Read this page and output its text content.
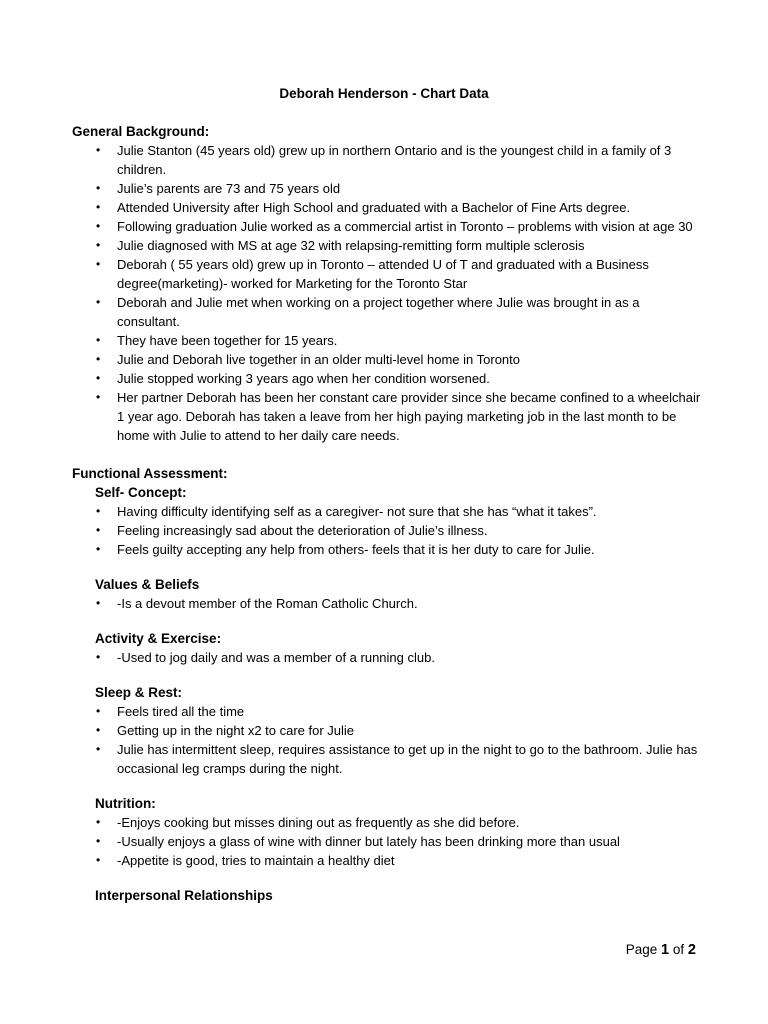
Deborah Henderson - Chart Data
General Background:
• Julie Stanton (45 years old) grew up in northern Ontario and is the youngest child in a family of 3 children.
• Julie’s parents are 73 and 75 years old
• Attended University after High School and graduated with a Bachelor of Fine Arts degree.
• Following graduation Julie worked as a commercial artist in Toronto – problems with vision at age 30
• Julie diagnosed with MS at age 32 with relapsing-remitting form multiple sclerosis
• Deborah ( 55 years old) grew up in Toronto – attended U of T and graduated with a Business degree(marketing)- worked for Marketing for the Toronto Star
• Deborah and Julie met when working on a project together where Julie was brought in as a consultant.
• They have been together for 15 years.
• Julie and Deborah live together in an older multi-level home in Toronto
• Julie stopped working 3 years ago when her condition worsened.
• Her partner Deborah has been her constant care provider since she became confined to a wheelchair 1 year ago. Deborah has taken a leave from her high paying marketing job in the last month to be home with Julie to attend to her daily care needs.
Functional Assessment:
Self- Concept:
• Having difficulty identifying self as a caregiver- not sure that she has “what it takes”.
• Feeling increasingly sad about the deterioration of Julie’s illness.
• Feels guilty accepting any help from others- feels that it is her duty to care for Julie.
Values & Beliefs
• -Is a devout member of the Roman Catholic Church.
Activity & Exercise:
• -Used to jog daily and was a member of a running club.
Sleep & Rest:
• Feels tired all the time
• Getting up in the night x2 to care for Julie
• Julie has intermittent sleep, requires assistance to get up in the night to go to the bathroom. Julie has occasional leg cramps during the night.
Nutrition:
• -Enjoys cooking but misses dining out as frequently as she did before.
• -Usually enjoys a glass of wine with dinner but lately has been drinking more than usual
• -Appetite is good, tries to maintain a healthy diet
Interpersonal Relationships
Page 1 of 2
